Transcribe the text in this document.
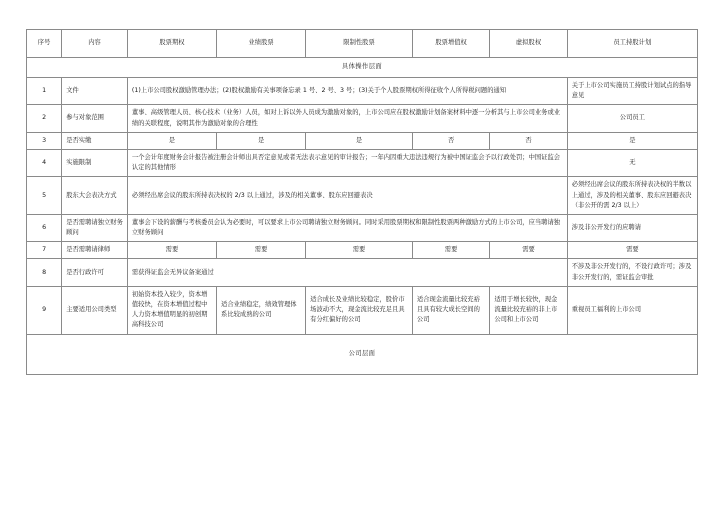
序号	内容	股票期权	业绩股票	限制性股票	股票增值权	虚拟股权	员工持股计划
具体操作层面							
1	文件	(1)上市公司股权激励管理办法；(2)股权激励有关事项备忘录 1 号、2 号、3 号；(3)关于个人股票期权所得征收个人所得税问题的通知					关于上市公司实施员工持股计划试点的指导意见
2	参与对象范围	董事、高级管理人员、核心技术（业务）人员，如对上诉以外人员成为激励对象的，上市公司应在股权激励计划备案材料中逐一分析其与上市公司业务或业绩的关联程度，说明其作为激励对象的合理性					公司员工
3	是否实缴	是	是	是	否	否	是
4	实施限制	一个会计年度财务会计报告被注册会计师出具否定意见或者无法表示意见的审计报告；一年内因重大违法违规行为被中国证监会予以行政处罚；中国证监会认定的其他情形					无
5	股东大会表决方式	必须经出席会议的股东所持表决权的 2/3 以上通过，涉及的相关董事、股东应回避表决					必须经出席会议的股东所持表决权的半数以上通过，涉及的相关董事、股东应回避表决（非公开的需 2/3 以上）
6	是否需聘请独立财务顾问	董事会下设的薪酬与考核委员会认为必要时，可以要求上市公司聘请独立财务顾问。同时采用股票期权和限制性股票两种激励方式的上市公司，应当聘请独立财务顾问					涉及非公开发行的应聘请
7	是否需聘请律师	需要	需要	需要	需要	需要	需要
8	是否行政许可	需获得证监会无异议备案通过					不涉及非公开发行的，不设行政许可；涉及非公开发行的，需证监会审批
9	主要适用公司类型	初始资本投入较少，资本增值较快，在资本增值过程中人力资本增值明显的初创期高科技公司	适合业绩稳定，绩效管理体系比较成熟的公司	适合成长及业绩比较稳定，股价市场波动不大，现金流比较充足且具有分红偏好的公司	适合现金流量比较充裕且具有较大成长空间的公司	适用于增长较快，现金流量比较充裕的非上市公司和上市公司	重视员工福利的上市公司
公司层面							
